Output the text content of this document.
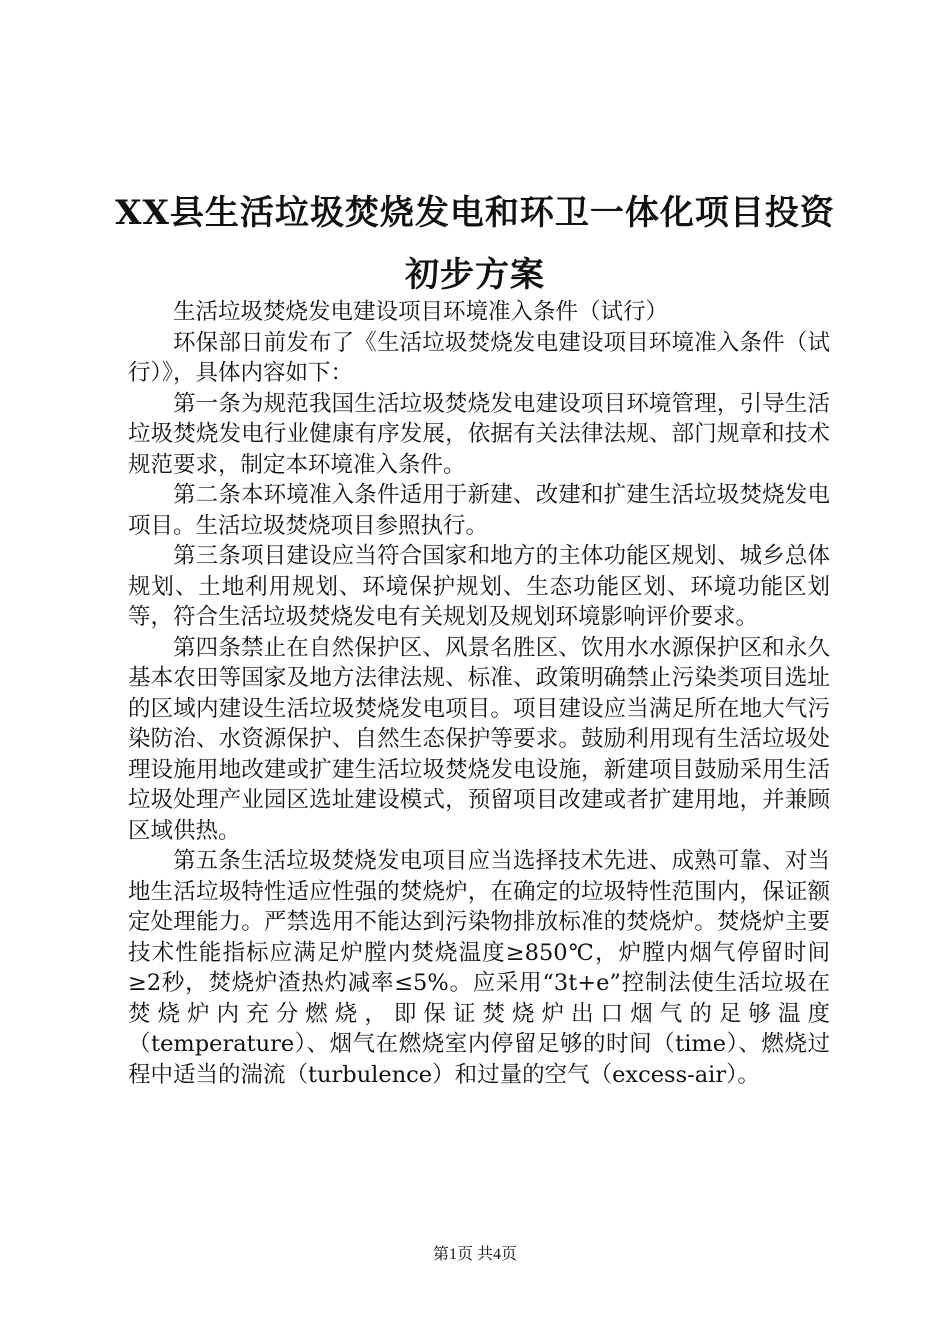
XX县生活垃圾焚烧发电和环卫一体化项目投资初步方案

生活垃圾焚烧发电建设项目环境准入条件（试行）

环保部日前发布了《生活垃圾焚烧发电建设项目环境准入条件（试行）》，具体内容如下：

第一条为规范我国生活垃圾焚烧发电建设项目环境管理，引导生活垃圾焚烧发电行业健康有序发展，依据有关法律法规、部门规章和技术规范要求，制定本环境准入条件。

第二条本环境准入条件适用于新建、改建和扩建生活垃圾焚烧发电项目。生活垃圾焚烧项目参照执行。

第三条项目建设应当符合国家和地方的主体功能区规划、城乡总体规划、土地利用规划、环境保护规划、生态功能区划、环境功能区划等，符合生活垃圾焚烧发电有关规划及规划环境影响评价要求。

第四条禁止在自然保护区、风景名胜区、饮用水水源保护区和永久基本农田等国家及地方法律法规、标准、政策明确禁止污染类项目选址的区域内建设生活垃圾焚烧发电项目。项目建设应当满足所在地大气污染防治、水资源保护、自然生态保护等要求。鼓励利用现有生活垃圾处理设施用地改建或扩建生活垃圾焚烧发电设施，新建项目鼓励采用生活垃圾处理产业园区选址建设模式，预留项目改建或者扩建用地，并兼顾区域供热。

第五条生活垃圾焚烧发电项目应当选择技术先进、成熟可靠、对当地生活垃圾特性适应性强的焚烧炉，在确定的垃圾特性范围内，保证额定处理能力。严禁选用不能达到污染物排放标准的焚烧炉。焚烧炉主要技术性能指标应满足炉膛内焚烧温度≥850℃，炉膛内烟气停留时间≥2秒，焚烧炉渣热灼减率≤5%。应采用“3t+e”控制法使生活垃圾在焚烧炉内充分燃烧，即保证焚烧炉出口烟气的足够温度（temperature）、烟气在燃烧室内停留足够的时间（time）、燃烧过程中适当的湍流（turbulence）和过量的空气（excess-air）。

第1页 共4页
